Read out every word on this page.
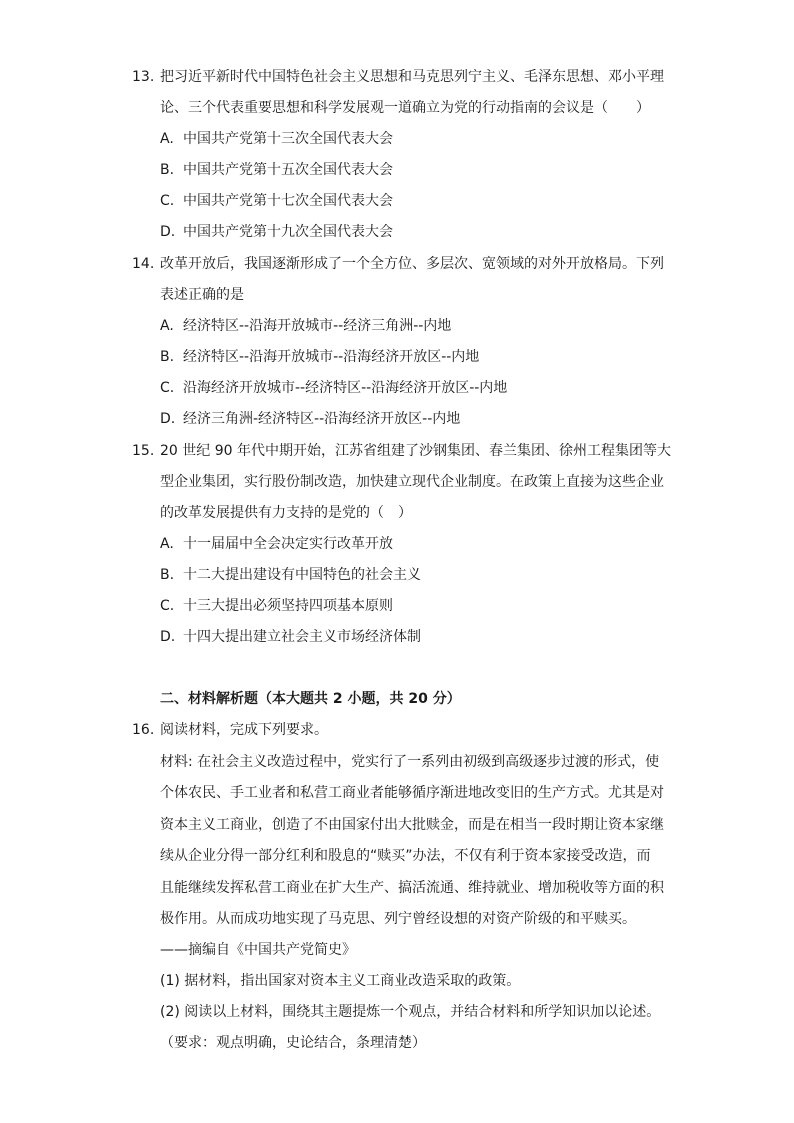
13. 把习近平新时代中国特色社会主义思想和马克思列宁主义、毛泽东思想、邓小平理
论、三个代表重要思想和科学发展观一道确立为党的行动指南的会议是（　　）
A. 中国共产党第十三次全国代表大会
B. 中国共产党第十五次全国代表大会
C. 中国共产党第十七次全国代表大会
D. 中国共产党第十九次全国代表大会
14. 改革开放后，我国逐渐形成了一个全方位、多层次、宽领域的对外开放格局。下列
表述正确的是
A. 经济特区--沿海开放城市--经济三角洲--内地
B. 经济特区--沿海开放城市--沿海经济开放区--内地
C. 沿海经济开放城市--经济特区--沿海经济开放区--内地
D. 经济三角洲-经济特区--沿海经济开放区--内地
15. 20 世纪 90 年代中期开始，江苏省组建了沙钢集团、春兰集团、徐州工程集团等大
型企业集团，实行股份制改造，加快建立现代企业制度。在政策上直接为这些企业
的改革发展提供有力支持的是党的（　）
A. 十一届届中全会决定实行改革开放
B. 十二大提出建设有中国特色的社会主义
C. 十三大提出必须坚持四项基本原则
D. 十四大提出建立社会主义市场经济体制
二、材料解析题（本大题共 2 小题，共 20 分）
16. 阅读材料，完成下列要求。
材料: 在社会主义改造过程中，党实行了一系列由初级到高级逐步过渡的形式，使
个体农民、手工业者和私营工商业者能够循序渐进地改变旧的生产方式。尤其是对
资本主义工商业，创造了不由国家付出大批赎金，而是在相当一段时期让资本家继
续从企业分得一部分红利和股息的“赎买”办法，不仅有利于资本家接受改造，而
且能继续发挥私营工商业在扩大生产、搞活流通、维持就业、增加税收等方面的积
极作用。从而成功地实现了马克思、列宁曾经设想的对资产阶级的和平赎买。
——摘编自《中国共产党简史》
(1) 据材料，指出国家对资本主义工商业改造采取的政策。
(2) 阅读以上材料，围绕其主题提炼一个观点，并结合材料和所学知识加以论述。
（要求：观点明确，史论结合，条理清楚）
